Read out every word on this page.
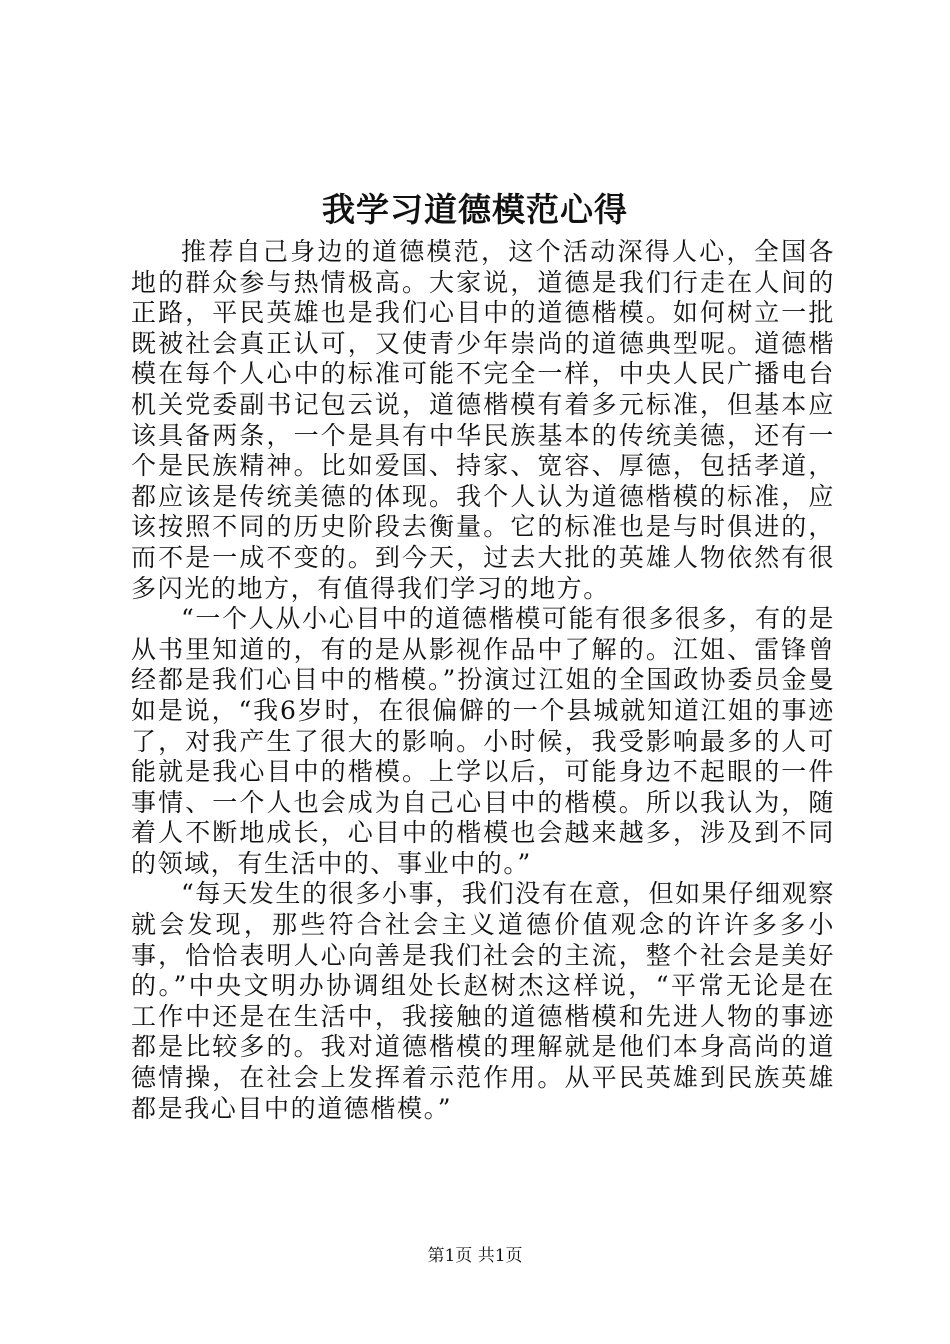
我学习道德模范心得

推荐自己身边的道德模范，这个活动深得人心，全国各地的群众参与热情极高。大家说，道德是我们行走在人间的正路，平民英雄也是我们心目中的道德楷模。如何树立一批既被社会真正认可，又使青少年崇尚的道德典型呢。道德楷模在每个人心中的标准可能不完全一样，中央人民广播电台机关党委副书记包云说，道德楷模有着多元标准，但基本应该具备两条，一个是具有中华民族基本的传统美德，还有一个是民族精神。比如爱国、持家、宽容、厚德，包括孝道，都应该是传统美德的体现。我个人认为道德楷模的标准，应该按照不同的历史阶段去衡量。它的标准也是与时俱进的，而不是一成不变的。到今天，过去大批的英雄人物依然有很多闪光的地方，有值得我们学习的地方。

“一个人从小心目中的道德楷模可能有很多很多，有的是从书里知道的，有的是从影视作品中了解的。江姐、雷锋曾经都是我们心目中的楷模。”扮演过江姐的全国政协委员金曼如是说，“我6岁时，在很偏僻的一个县城就知道江姐的事迹了，对我产生了很大的影响。小时候，我受影响最多的人可能就是我心目中的楷模。上学以后，可能身边不起眼的一件事情、一个人也会成为自己心目中的楷模。所以我认为，随着人不断地成长，心目中的楷模也会越来越多，涉及到不同的领域，有生活中的、事业中的。”

“每天发生的很多小事，我们没有在意，但如果仔细观察就会发现，那些符合社会主义道德价值观念的许许多多小事，恰恰表明人心向善是我们社会的主流，整个社会是美好的。”中央文明办协调组处长赵树杰这样说，“平常无论是在工作中还是在生活中，我接触的道德楷模和先进人物的事迹都是比较多的。我对道德楷模的理解就是他们本身高尚的道德情操，在社会上发挥着示范作用。从平民英雄到民族英雄都是我心目中的道德楷模。”

第1页 共1页
